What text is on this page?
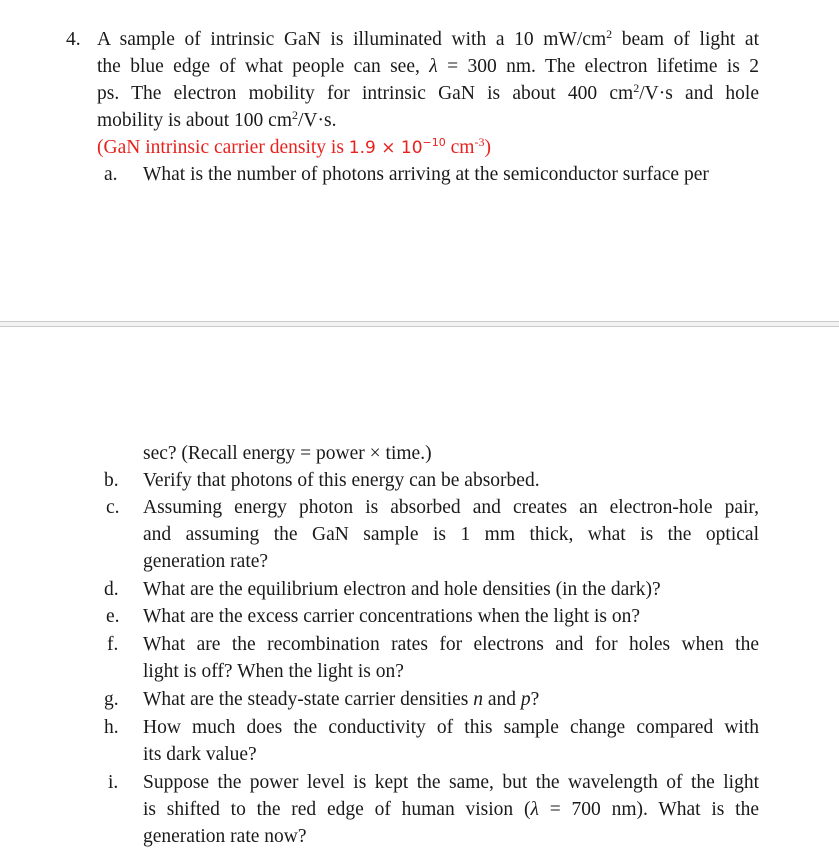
4. A sample of intrinsic GaN is illuminated with a 10 $mW/cm^2$ beam of light at
the blue edge of what people can see, λ = 300 nm. The electron lifetime is 2
ps. The electron mobility for intrinsic GaN is about 400 $cm^2/V\cdot s$ and hole
mobility is about 100 $cm^2/V\cdot s$.
(GaN intrinsic carrier density is $1.9 \times 10^{-10}$ $cm^{-3}$)
a. What is the number of photons arriving at the semiconductor surface per
sec? (Recall energy = power × time.)
b. Verify that photons of this energy can be absorbed.
c. Assuming energy photon is absorbed and creates an electron-hole pair,
and assuming the GaN sample is 1 mm thick, what is the optical
generation rate?
d. What are the equilibrium electron and hole densities (in the dark)?
e. What are the excess carrier concentrations when the light is on?
f. What are the recombination rates for electrons and for holes when the
light is off? When the light is on?
g. What are the steady-state carrier densities n and p?
h. How much does the conductivity of this sample change compared with
its dark value?
i. Suppose the power level is kept the same, but the wavelength of the light
is shifted to the red edge of human vision (λ = 700 nm). What is the
generation rate now?
